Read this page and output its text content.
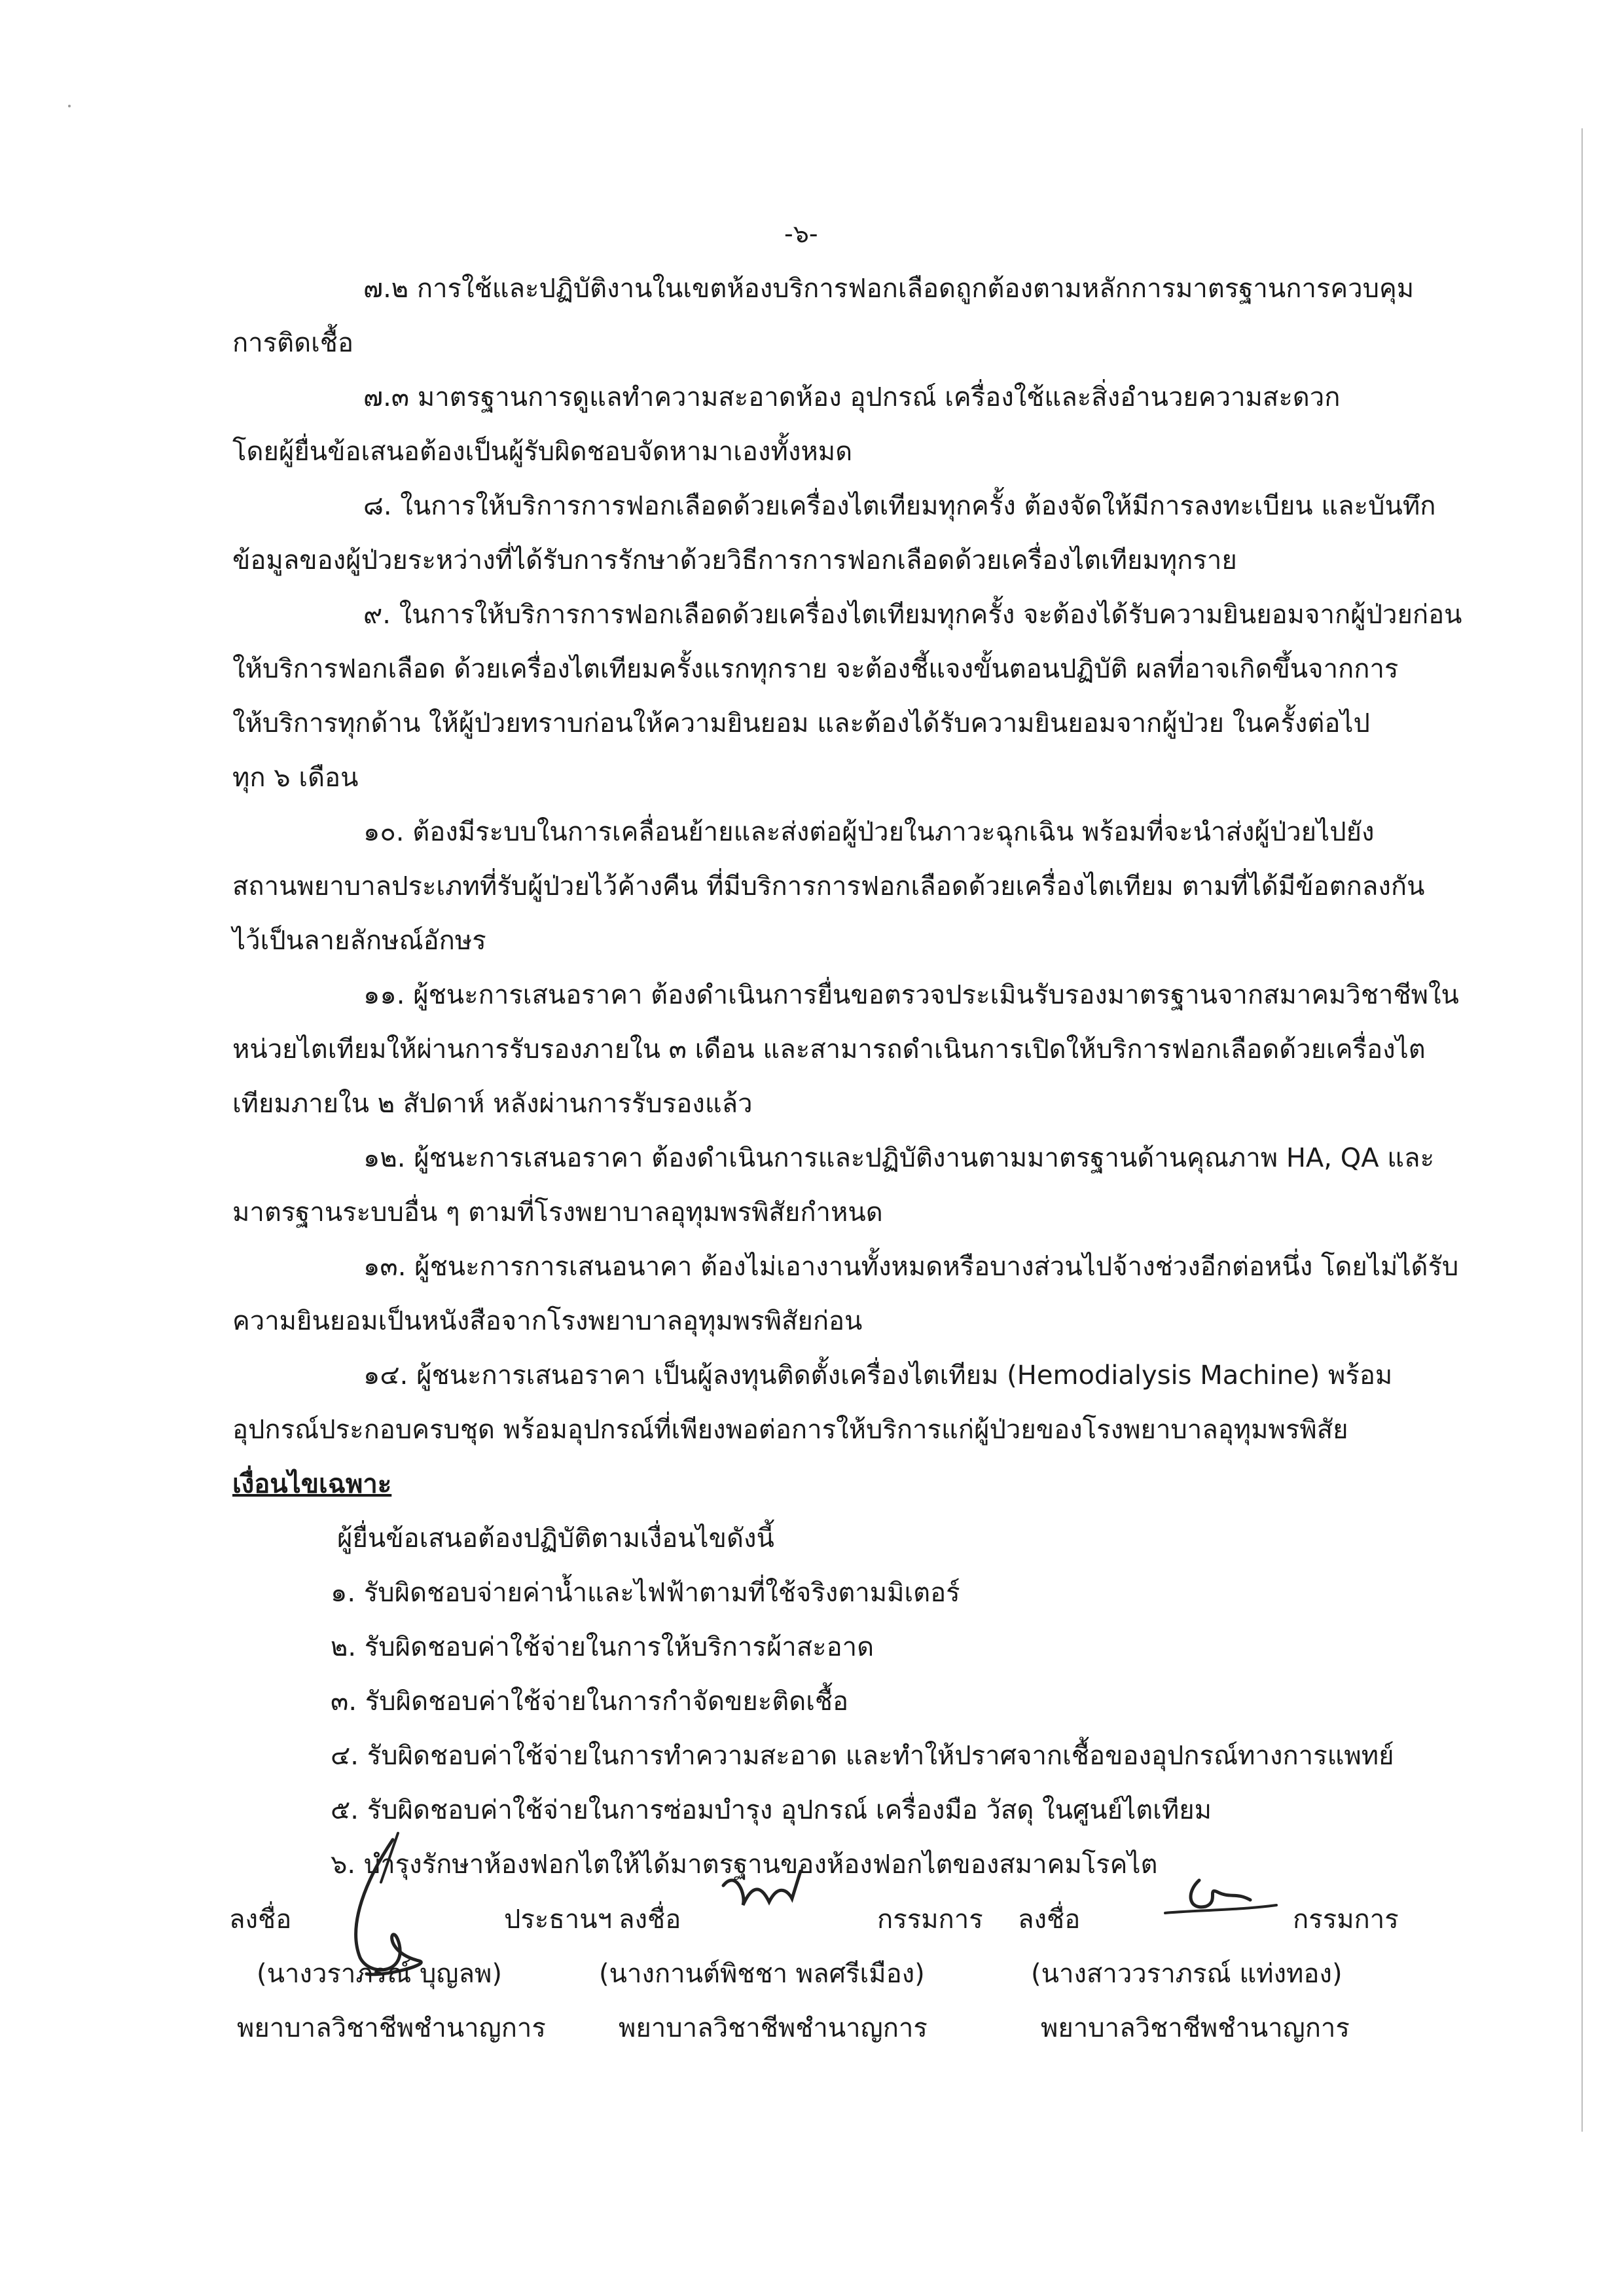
-๖-
๗.๒ การใช้และปฏิบัติงานในเขตห้องบริการฟอกเลือดถูกต้องตามหลักการมาตรฐานการควบคุม
การติดเชื้อ
๗.๓ มาตรฐานการดูแลทำความสะอาดห้อง อุปกรณ์ เครื่องใช้และสิ่งอำนวยความสะดวก
โดยผู้ยื่นข้อเสนอต้องเป็นผู้รับผิดชอบจัดหามาเองทั้งหมด
๘. ในการให้บริการการฟอกเลือดด้วยเครื่องไตเทียมทุกครั้ง ต้องจัดให้มีการลงทะเบียน และบันทึก
ข้อมูลของผู้ป่วยระหว่างที่ได้รับการรักษาด้วยวิธีการการฟอกเลือดด้วยเครื่องไตเทียมทุกราย
๙. ในการให้บริการการฟอกเลือดด้วยเครื่องไตเทียมทุกครั้ง จะต้องได้รับความยินยอมจากผู้ป่วยก่อน
ให้บริการฟอกเลือด ด้วยเครื่องไตเทียมครั้งแรกทุกราย จะต้องชี้แจงขั้นตอนปฏิบัติ ผลที่อาจเกิดขึ้นจากการ
ให้บริการทุกด้าน ให้ผู้ป่วยทราบก่อนให้ความยินยอม และต้องได้รับความยินยอมจากผู้ป่วย ในครั้งต่อไป
ทุก ๖ เดือน
๑๐. ต้องมีระบบในการเคลื่อนย้ายและส่งต่อผู้ป่วยในภาวะฉุกเฉิน พร้อมที่จะนำส่งผู้ป่วยไปยัง
สถานพยาบาลประเภทที่รับผู้ป่วยไว้ค้างคืน ที่มีบริการการฟอกเลือดด้วยเครื่องไตเทียม ตามที่ได้มีข้อตกลงกัน
ไว้เป็นลายลักษณ์อักษร
๑๑. ผู้ชนะการเสนอราคา ต้องดำเนินการยื่นขอตรวจประเมินรับรองมาตรฐานจากสมาคมวิชาชีพใน
หน่วยไตเทียมให้ผ่านการรับรองภายใน ๓ เดือน และสามารถดำเนินการเปิดให้บริการฟอกเลือดด้วยเครื่องไต
เทียมภายใน ๒ สัปดาห์ หลังผ่านการรับรองแล้ว
๑๒. ผู้ชนะการเสนอราคา ต้องดำเนินการและปฏิบัติงานตามมาตรฐานด้านคุณภาพ HA, QA และ
มาตรฐานระบบอื่น ๆ ตามที่โรงพยาบาลอุทุมพรพิสัยกำหนด
๑๓. ผู้ชนะการการเสนอนาคา ต้องไม่เอางานทั้งหมดหรือบางส่วนไปจ้างช่วงอีกต่อหนึ่ง โดยไม่ได้รับ
ความยินยอมเป็นหนังสือจากโรงพยาบาลอุทุมพรพิสัยก่อน
๑๔. ผู้ชนะการเสนอราคา เป็นผู้ลงทุนติดตั้งเครื่องไตเทียม (Hemodialysis Machine) พร้อม
อุปกรณ์ประกอบครบชุด พร้อมอุปกรณ์ที่เพียงพอต่อการให้บริการแก่ผู้ป่วยของโรงพยาบาลอุทุมพรพิสัย
เงื่อนไขเฉพาะ
ผู้ยื่นข้อเสนอต้องปฏิบัติตามเงื่อนไขดังนี้
๑. รับผิดชอบจ่ายค่าน้ำและไฟฟ้าตามที่ใช้จริงตามมิเตอร์
๒. รับผิดชอบค่าใช้จ่ายในการให้บริการผ้าสะอาด
๓. รับผิดชอบค่าใช้จ่ายในการกำจัดขยะติดเชื้อ
๔. รับผิดชอบค่าใช้จ่ายในการทำความสะอาด และทำให้ปราศจากเชื้อของอุปกรณ์ทางการแพทย์
๕. รับผิดชอบค่าใช้จ่ายในการซ่อมบำรุง อุปกรณ์ เครื่องมือ วัสดุ ในศูนย์ไตเทียม
๖. บำรุงรักษาห้องฟอกไตให้ได้มาตรฐานของห้องฟอกไตของสมาคมโรคไต
ลงชื่อ	ประธานฯ ลงชื่อ	กรรมการ ลงชื่อ	กรรมการ
(นางวราภรณ์ บุญลพ)	(นางกานต์พิชชา พลศรีเมือง)	(นางสาววราภรณ์ แท่งทอง)
พยาบาลวิชาชีพชำนาญการ	พยาบาลวิชาชีพชำนาญการ	พยาบาลวิชาชีพชำนาญการ
